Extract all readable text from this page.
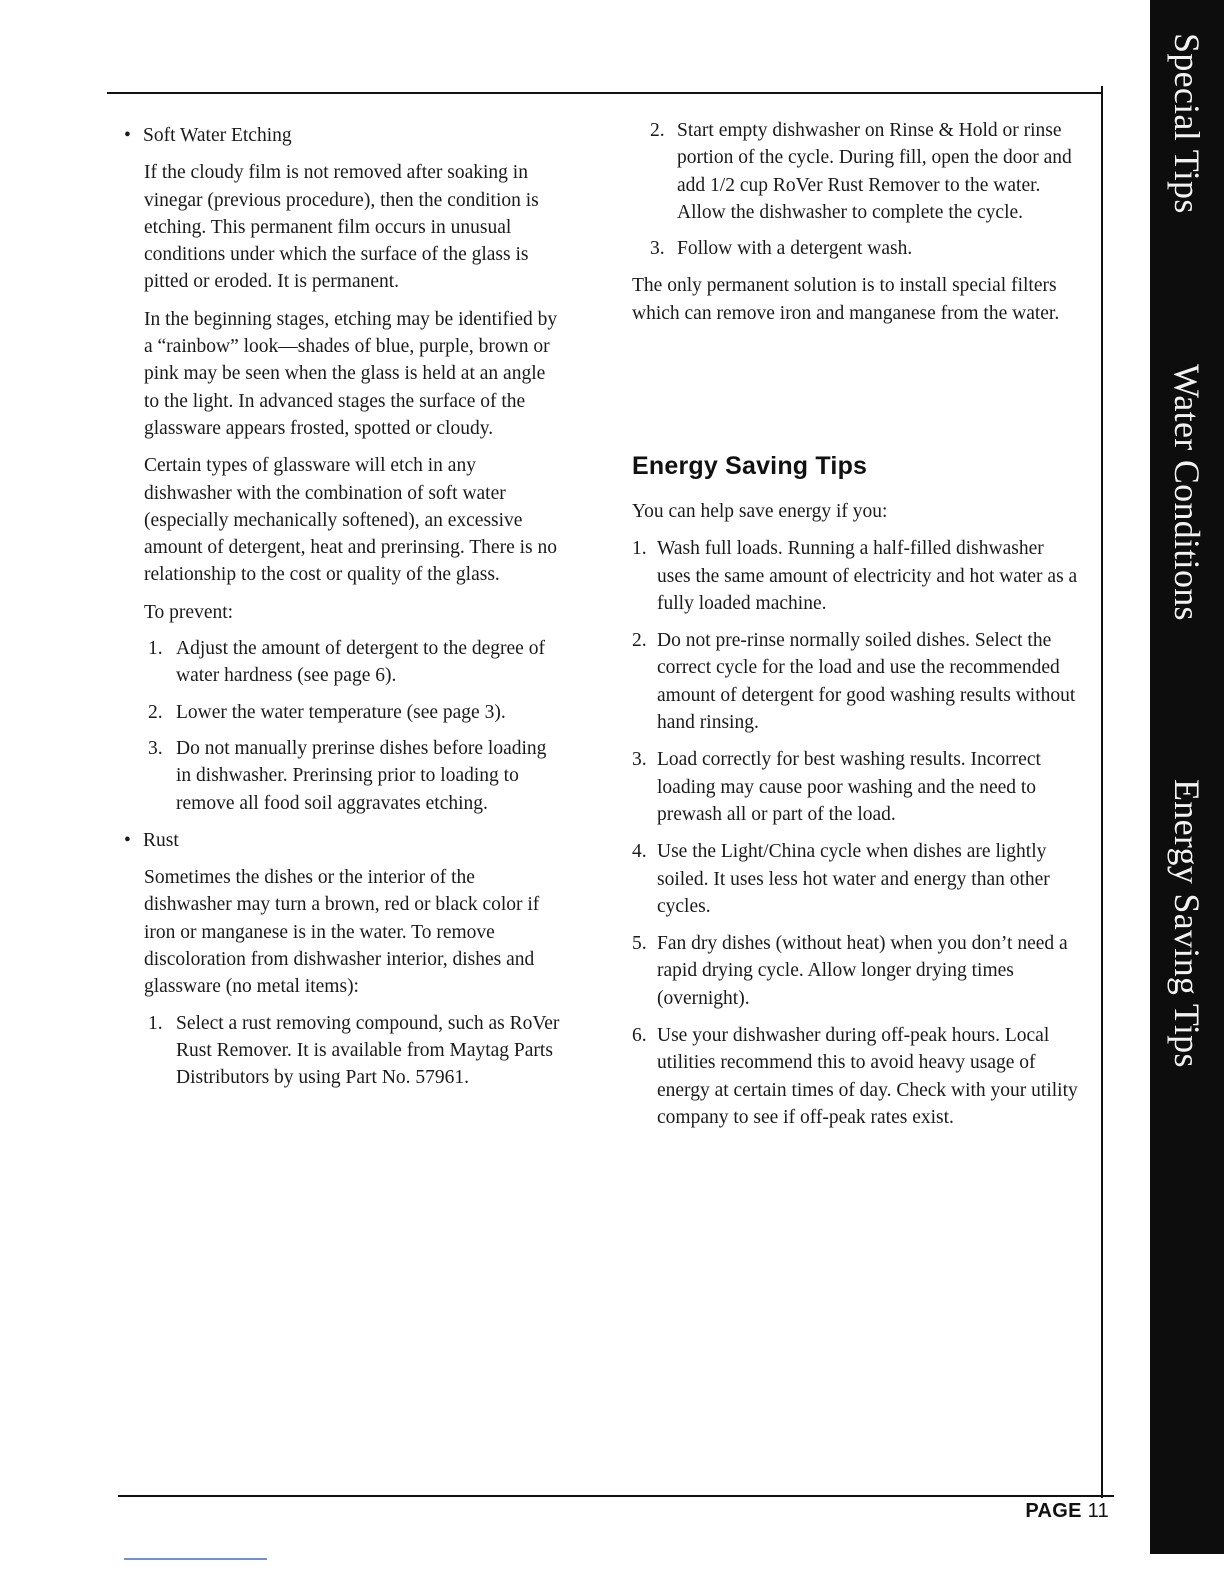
Special Tips
Water Conditions
Energy Saving Tips
• Soft Water Etching

If the cloudy film is not removed after soaking in vinegar (previous procedure), then the condition is etching. This permanent film occurs in unusual conditions under which the surface of the glass is pitted or eroded. It is permanent.

In the beginning stages, etching may be identified by a “rainbow” look—shades of blue, purple, brown or pink may be seen when the glass is held at an angle to the light. In advanced stages the surface of the glassware appears frosted, spotted or cloudy.

Certain types of glassware will etch in any dishwasher with the combination of soft water (especially mechanically softened), an excessive amount of detergent, heat and prerinsing. There is no relationship to the cost or quality of the glass.

To prevent:

1. Adjust the amount of detergent to the degree of water hardness (see page 6).
2. Lower the water temperature (see page 3).
3. Do not manually prerinse dishes before loading in dishwasher. Prerinsing prior to loading to remove all food soil aggravates etching.
• Rust

Sometimes the dishes or the interior of the dishwasher may turn a brown, red or black color if iron or manganese is in the water. To remove discoloration from dishwasher interior, dishes and glassware (no metal items):

1. Select a rust removing compound, such as RoVer Rust Remover. It is available from Maytag Parts Distributors by using Part No. 57961.
2. Start empty dishwasher on Rinse & Hold or rinse portion of the cycle. During fill, open the door and add 1/2 cup RoVer Rust Remover to the water. Allow the dishwasher to complete the cycle.
3. Follow with a detergent wash.

The only permanent solution is to install special filters which can remove iron and manganese from the water.

Energy Saving Tips

You can help save energy if you:

1. Wash full loads. Running a half-filled dishwasher uses the same amount of electricity and hot water as a fully loaded machine.
2. Do not pre-rinse normally soiled dishes. Select the correct cycle for the load and use the recommended amount of detergent for good washing results without hand rinsing.
3. Load correctly for best washing results. Incorrect loading may cause poor washing and the need to prewash all or part of the load.
4. Use the Light/China cycle when dishes are lightly soiled. It uses less hot water and energy than other cycles.
5. Fan dry dishes (without heat) when you don’t need a rapid drying cycle. Allow longer drying times (overnight).
6. Use your dishwasher during off-peak hours. Local utilities recommend this to avoid heavy usage of energy at certain times of day. Check with your utility company to see if off-peak rates exist.
PAGE 11
